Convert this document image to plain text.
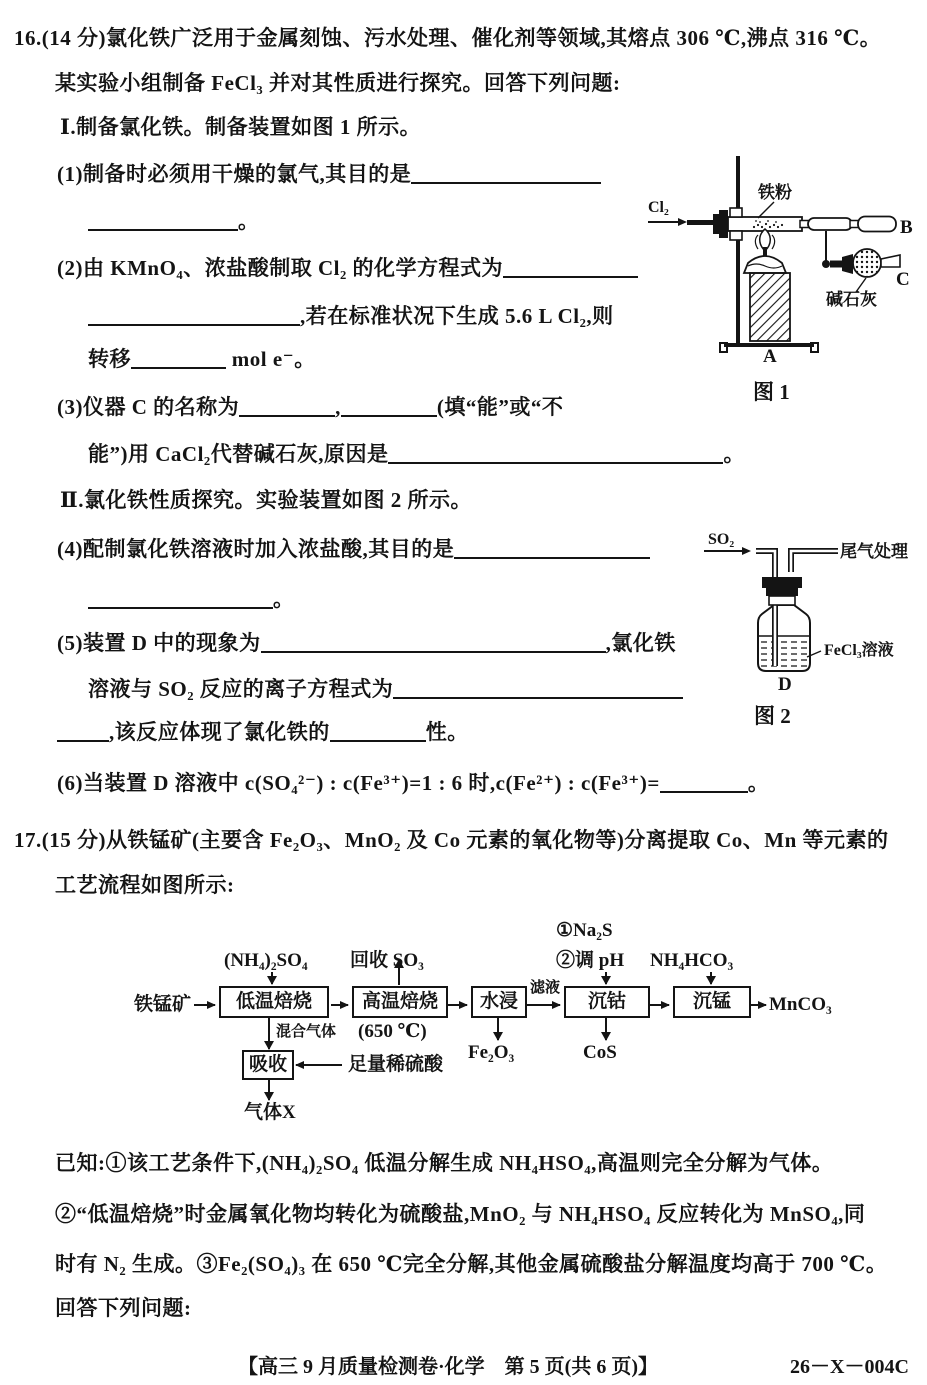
16.(14 分)氯化铁广泛用于金属刻蚀、污水处理、催化剂等领域,其熔点 306 ℃,沸点 316 ℃。
某实验小组制备 FeCl₃ 并对其性质进行探究。回答下列问题:
Ⅰ.制备氯化铁。制备装置如图 1 所示。
(1)制备时必须用干燥的氯气,其目的是
。
(2)由 KMnO₄、浓盐酸制取 Cl₂ 的化学方程式为
,若在标准状况下生成 5.6 L Cl₂,则
转移	mol e⁻。
(3)仪器 C 的名称为	,	(填“能”或“不
能”)用 CaCl₂代替碱石灰,原因是	。
Ⅱ.氯化铁性质探究。实验装置如图 2 所示。
(4)配制氯化铁溶液时加入浓盐酸,其目的是
。
(5)装置 D 中的现象为	,氯化铁
溶液与 SO₂ 反应的离子方程式为
,该反应体现了氯化铁的	性。
(6)当装置 D 溶液中 c(SO₄²⁻) : c(Fe³⁺)=1 : 6 时,c(Fe²⁺) : c(Fe³⁺)=	。
Cl₂
B
铁粉
C
碱石灰
A
图 1
SO₂
尾气处理
FeCl₃溶液
D
图 2
17.(15 分)从铁锰矿(主要含 Fe₂O₃、MnO₂ 及 Co 元素的氧化物等)分离提取 Co、Mn 等元素的
工艺流程如图所示:
铁锰矿	低温焙烧	高温焙烧
(650 ℃)
水浸
滤液
沉钴	沉锰	MnCO₃
(NH₄)₂SO₄ 回收 SO₃
①Na₂S
②调 pH NH₄HCO₃
混合气体
吸收	足量稀硫酸
气体X
Fe₂O₃	CoS
已知:①该工艺条件下,(NH₄)₂SO₄ 低温分解生成 NH₄HSO₄,高温则完全分解为气体。
②“低温焙烧”时金属氧化物均转化为硫酸盐,MnO₂ 与 NH₄HSO₄ 反应转化为 MnSO₄,同
时有 N₂ 生成。③Fe₂(SO₄)₃ 在 650 ℃完全分解,其他金属硫酸盐分解温度均高于 700 ℃。
回答下列问题:
【高三 9 月质量检测卷·化学　第 5 页(共 6 页)】	26－X－004C
